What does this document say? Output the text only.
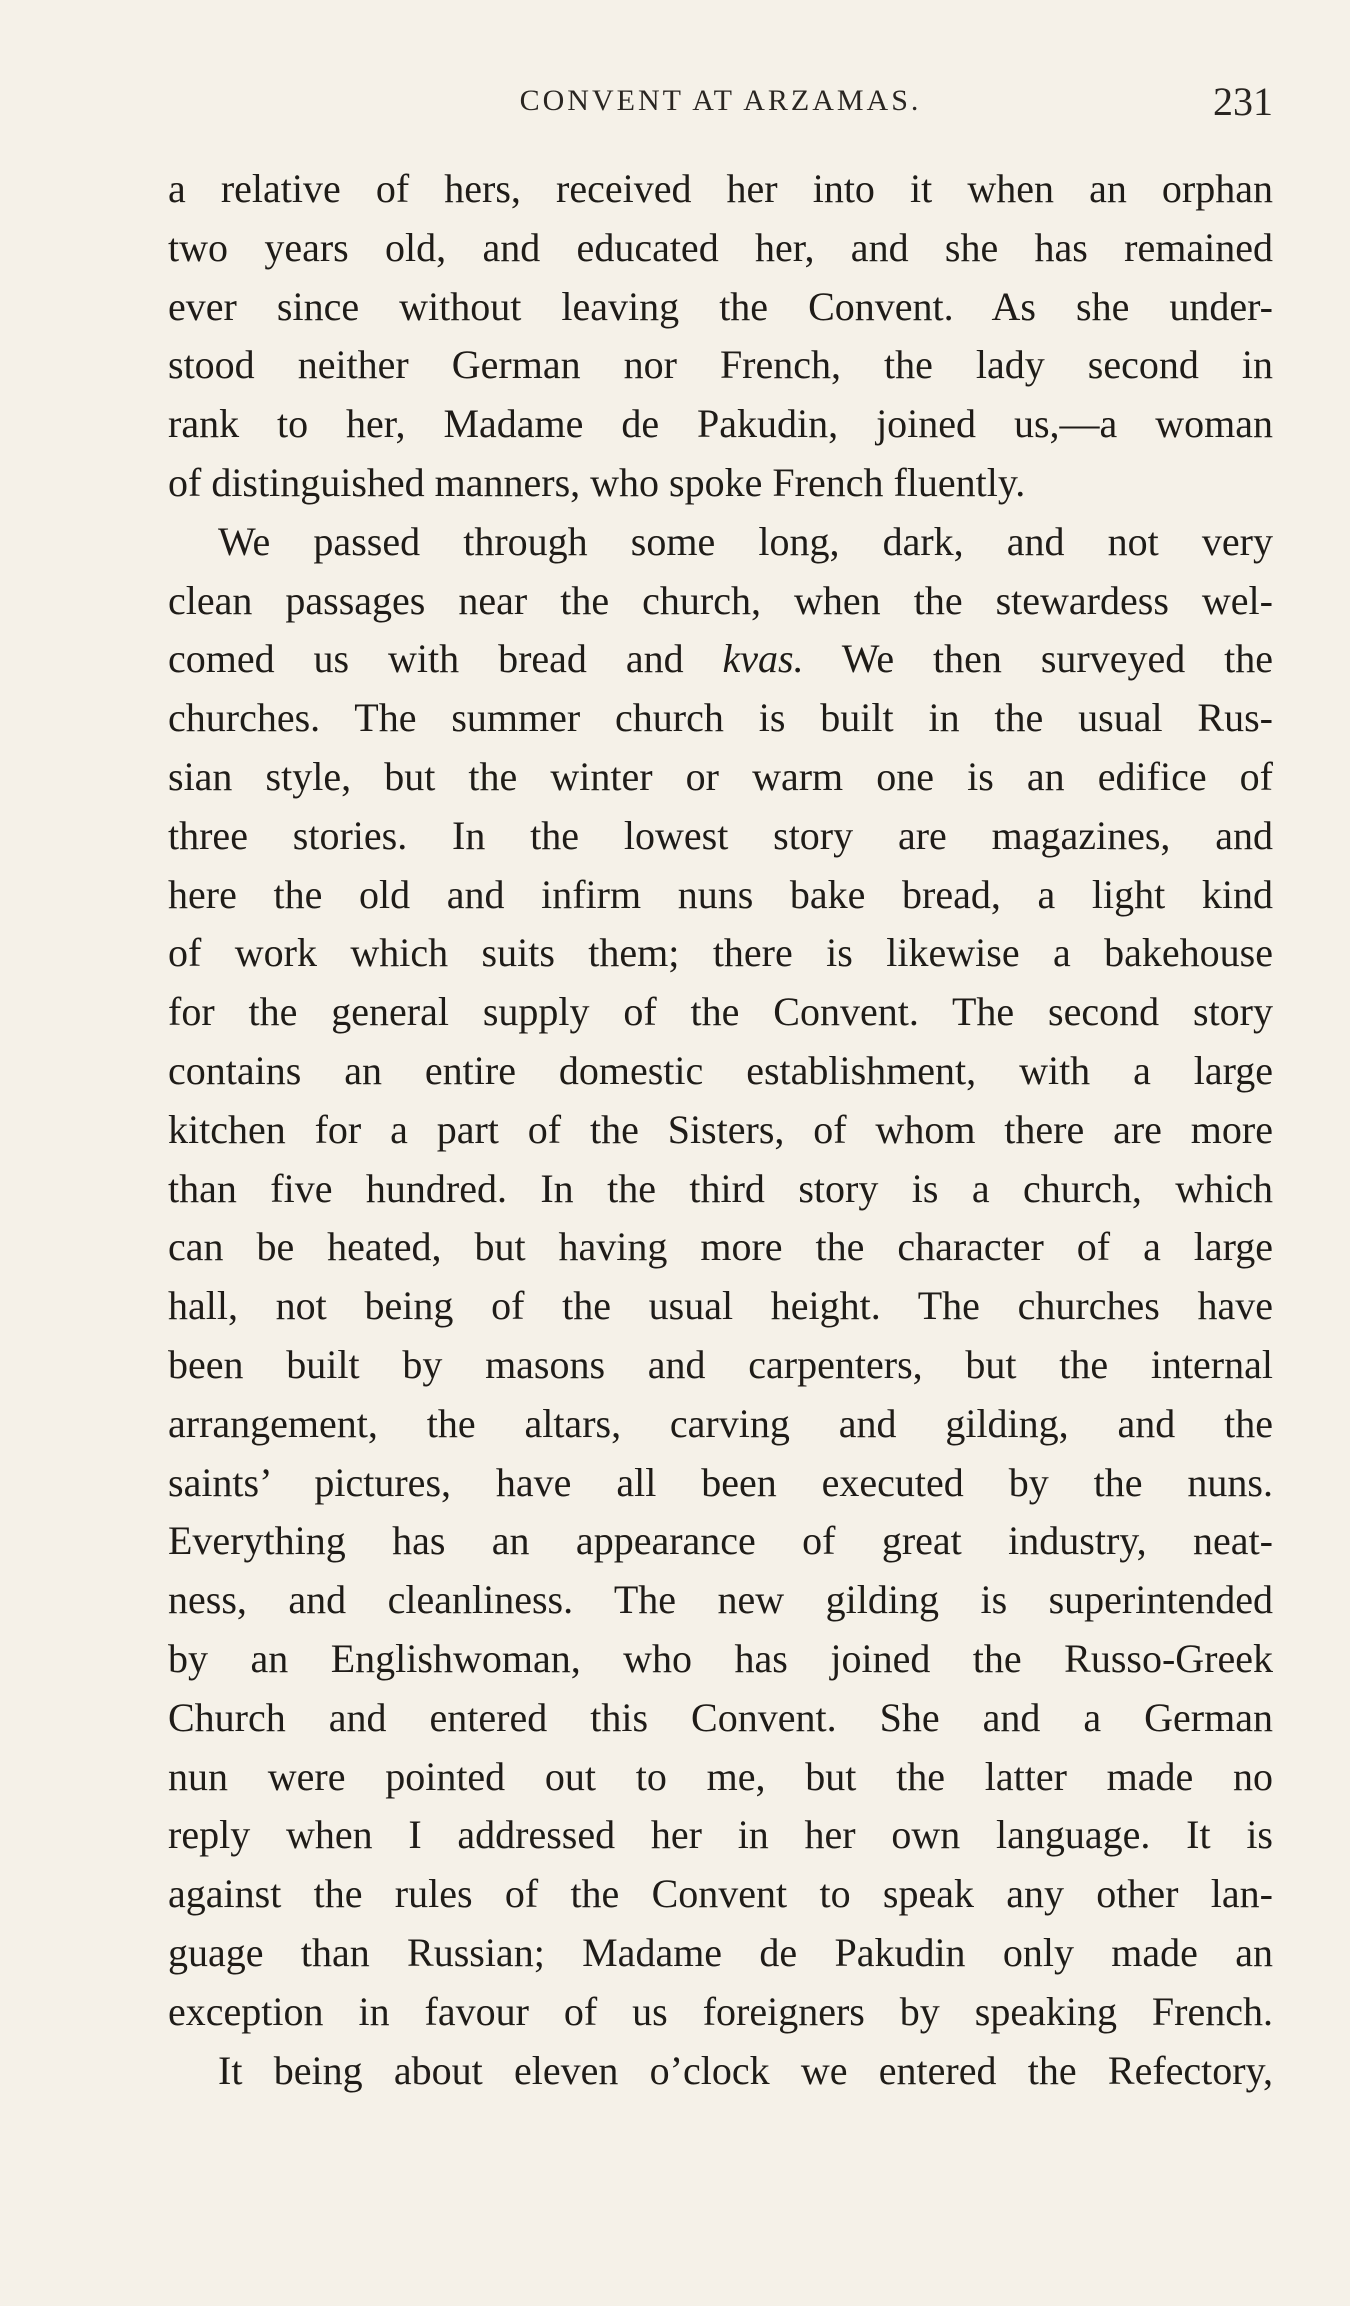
CONVENT AT ARZAMAS.	231
a relative of hers, received her into it when an orphan
two years old, and educated her, and she has remained
ever since without leaving the Convent. As she under-
stood neither German nor French, the lady second in
rank to her, Madame de Pakudin, joined us,—a woman
of distinguished manners, who spoke French fluently.
We passed through some long, dark, and not very
clean passages near the church, when the stewardess wel-
comed us with bread and kvas. We then surveyed the
churches. The summer church is built in the usual Rus-
sian style, but the winter or warm one is an edifice of
three stories. In the lowest story are magazines, and
here the old and infirm nuns bake bread, a light kind
of work which suits them; there is likewise a bakehouse
for the general supply of the Convent. The second story
contains an entire domestic establishment, with a large
kitchen for a part of the Sisters, of whom there are more
than five hundred. In the third story is a church, which
can be heated, but having more the character of a large
hall, not being of the usual height. The churches have
been built by masons and carpenters, but the internal
arrangement, the altars, carving and gilding, and the
saints’ pictures, have all been executed by the nuns.
Everything has an appearance of great industry, neat-
ness, and cleanliness. The new gilding is superintended
by an Englishwoman, who has joined the Russo-Greek
Church and entered this Convent. She and a German
nun were pointed out to me, but the latter made no
reply when I addressed her in her own language. It is
against the rules of the Convent to speak any other lan-
guage than Russian; Madame de Pakudin only made an
exception in favour of us foreigners by speaking French.
It being about eleven o’clock we entered the Refectory,
